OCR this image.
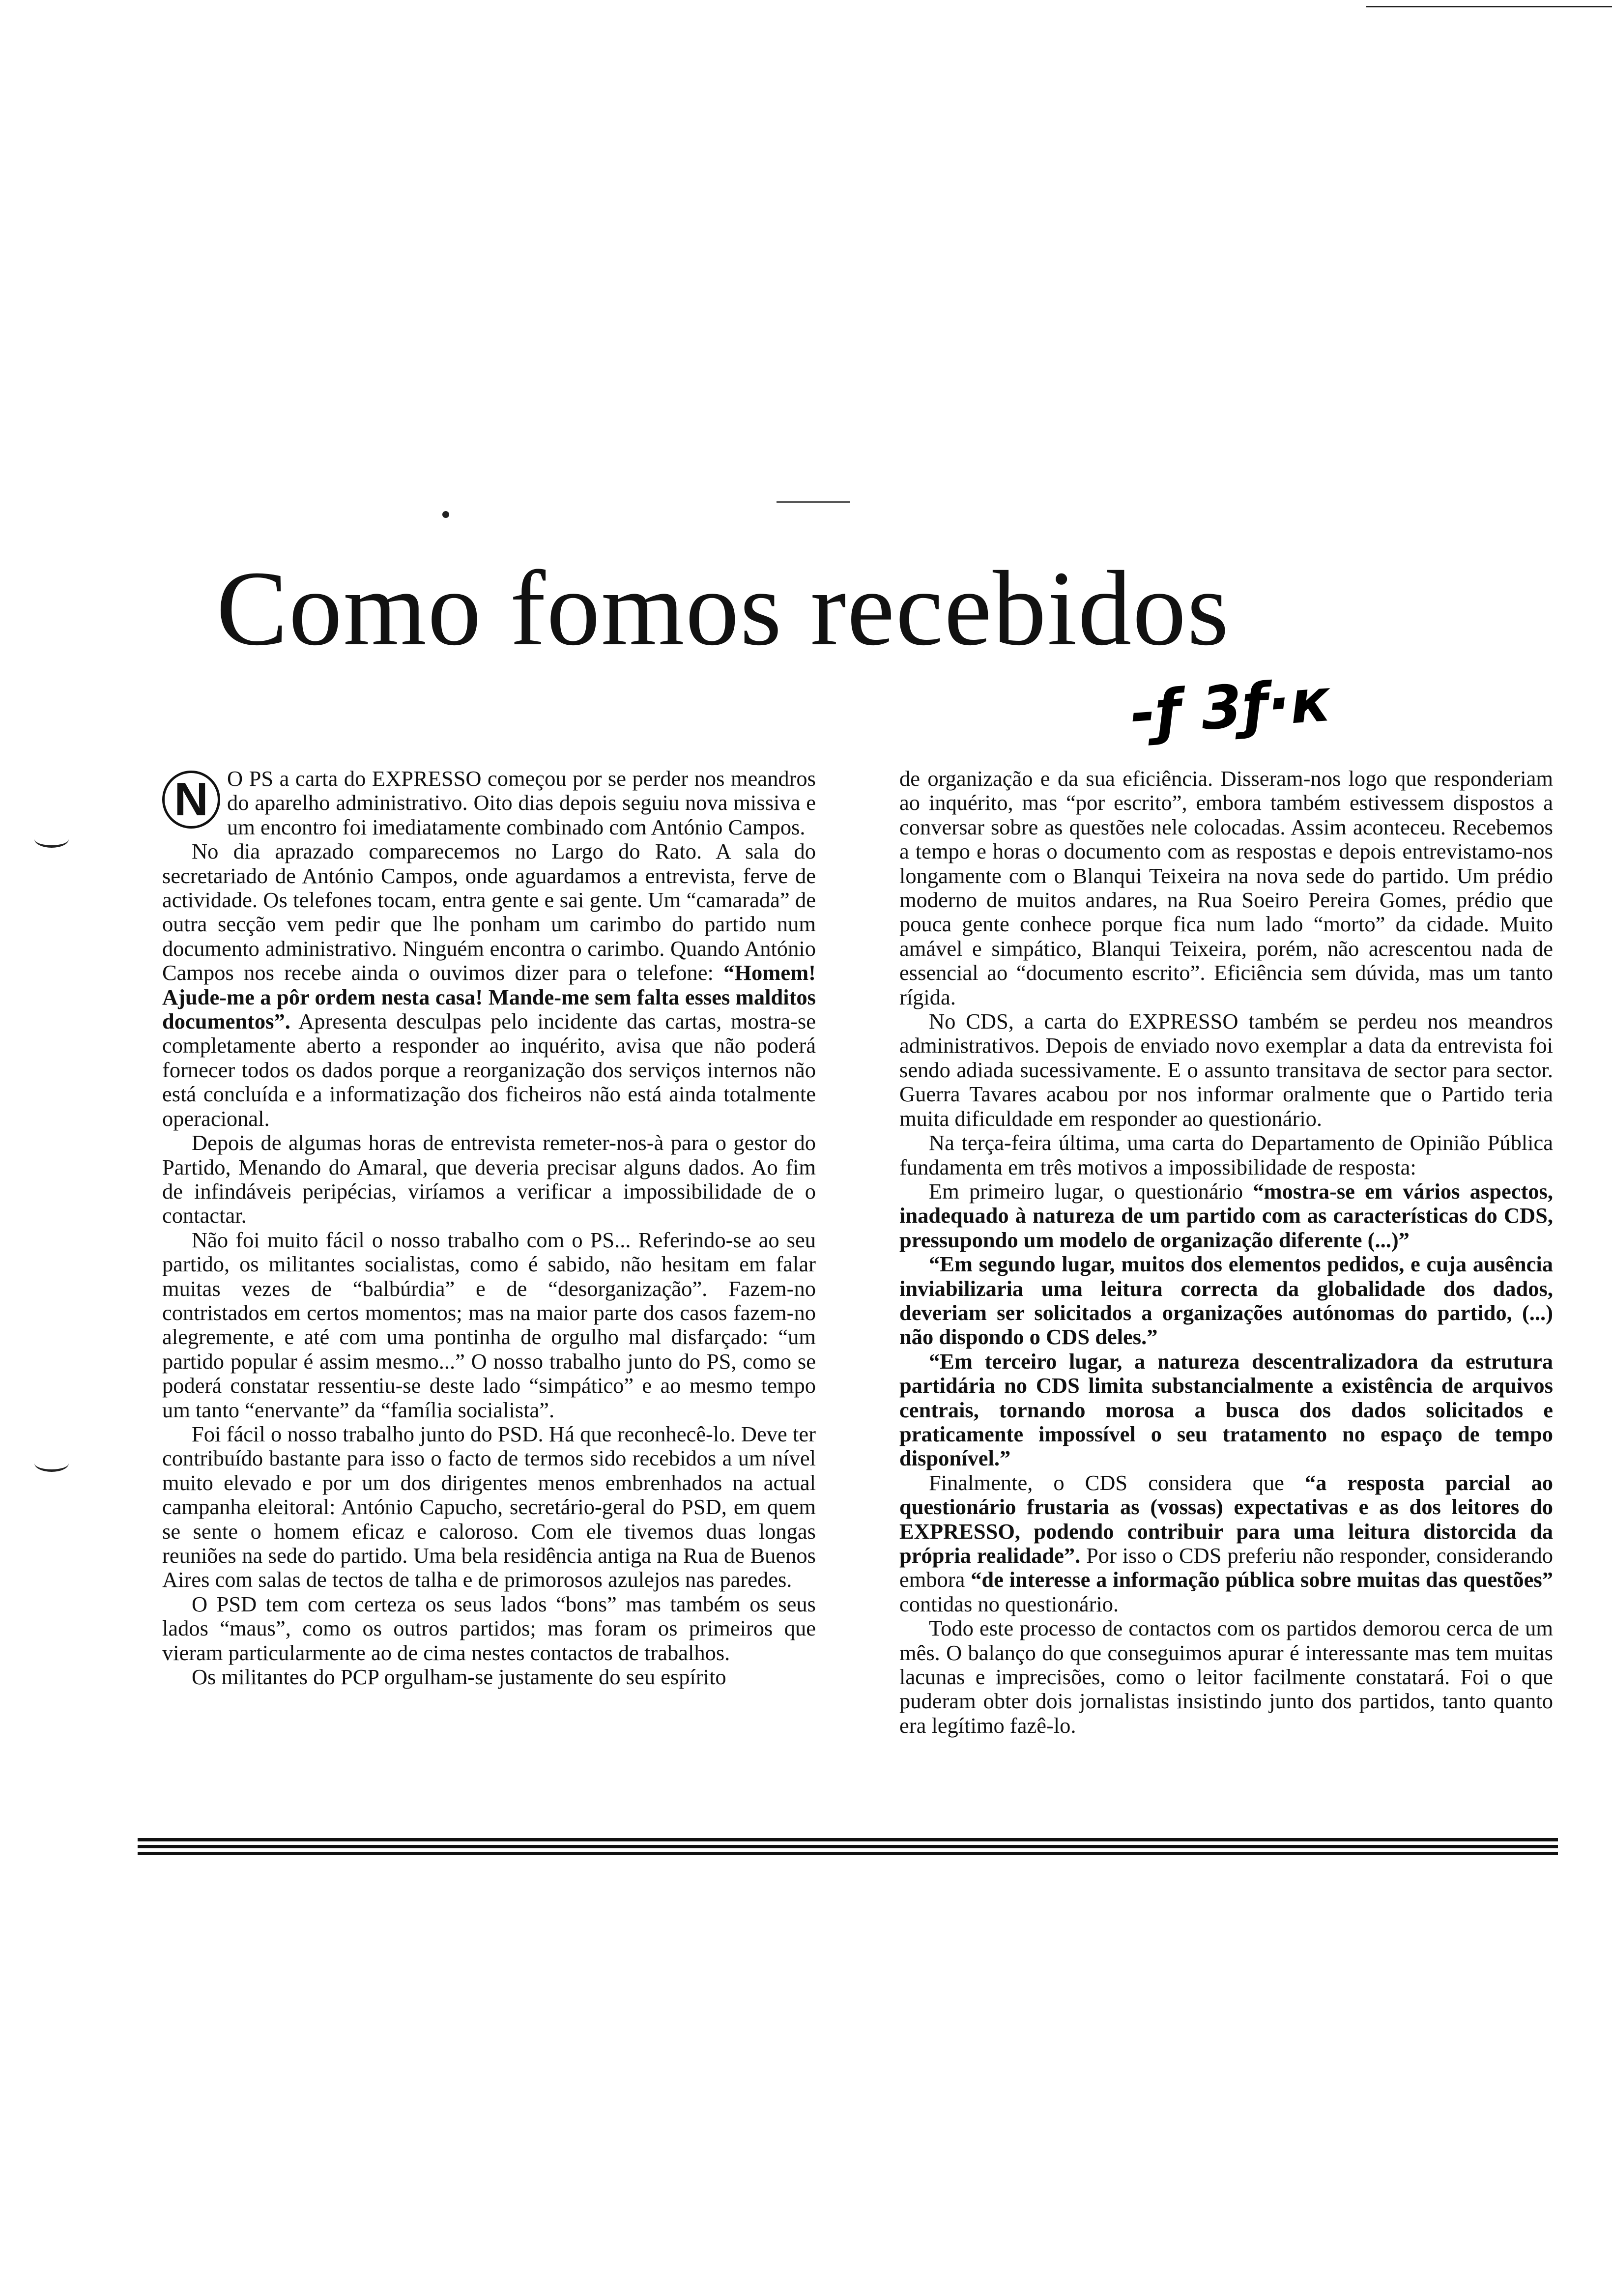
Como fomos recebidos
-ƒ 3ƒ·к

N O PS a carta do EXPRESSO começou por se perder nos meandros do aparelho administrativo. Oito dias depois seguiu nova missiva e um encontro foi imediatamente combinado com António Campos.

No dia aprazado comparecemos no Largo do Rato. A sala do secretariado de António Campos, onde aguardamos a entrevista, ferve de actividade. Os telefones tocam, entra gente e sai gente. Um “camarada” de outra secção vem pedir que lhe ponham um carimbo do partido num documento administrativo. Ninguém encontra o carimbo. Quando António Campos nos recebe ainda o ouvimos dizer para o telefone: “Homem! Ajude-me a pôr ordem nesta casa! Mande-me sem falta esses malditos documentos”. Apresenta desculpas pelo incidente das cartas, mostra-se completamente aberto a responder ao inquérito, avisa que não poderá fornecer todos os dados porque a reorganização dos serviços internos não está concluída e a informatização dos ficheiros não está ainda totalmente operacional.

Depois de algumas horas de entrevista remeter-nos-à para o gestor do Partido, Menando do Amaral, que deveria precisar alguns dados. Ao fim de infindáveis peripécias, viríamos a verificar a impossibilidade de o contactar.

Não foi muito fácil o nosso trabalho com o PS... Referindo-se ao seu partido, os militantes socialistas, como é sabido, não hesitam em falar muitas vezes de “balbúrdia” e de “desorganização”. Fazem-no contristados em certos momentos; mas na maior parte dos casos fazem-no alegremente, e até com uma pontinha de orgulho mal disfarçado: “um partido popular é assim mesmo...” O nosso trabalho junto do PS, como se poderá constatar ressentiu-se deste lado “simpático” e ao mesmo tempo um tanto “enervante” da “família socialista”.

Foi fácil o nosso trabalho junto do PSD. Há que reconhecê-lo. Deve ter contribuído bastante para isso o facto de termos sido recebidos a um nível muito elevado e por um dos dirigentes menos embrenhados na actual campanha eleitoral: António Capucho, secretário-geral do PSD, em quem se sente o homem eficaz e caloroso. Com ele tivemos duas longas reuniões na sede do partido. Uma bela residência antiga na Rua de Buenos Aires com salas de tectos de talha e de primorosos azulejos nas paredes.

O PSD tem com certeza os seus lados “bons” mas também os seus lados “maus”, como os outros partidos; mas foram os primeiros que vieram particularmente ao de cima nestes contactos de trabalhos.

Os militantes do PCP orgulham-se justamente do seu espírito

de organização e da sua eficiência. Disseram-nos logo que responderiam ao inquérito, mas “por escrito”, embora também estivessem dispostos a conversar sobre as questões nele colocadas. Assim aconteceu. Recebemos a tempo e horas o documento com as respostas e depois entrevistamo-nos longamente com o Blanqui Teixeira na nova sede do partido. Um prédio moderno de muitos andares, na Rua Soeiro Pereira Gomes, prédio que pouca gente conhece porque fica num lado “morto” da cidade. Muito amável e simpático, Blanqui Teixeira, porém, não acrescentou nada de essencial ao “documento escrito”. Eficiência sem dúvida, mas um tanto rígida.

No CDS, a carta do EXPRESSO também se perdeu nos meandros administrativos. Depois de enviado novo exemplar a data da entrevista foi sendo adiada sucessivamente. E o assunto transitava de sector para sector. Guerra Tavares acabou por nos informar oralmente que o Partido teria muita dificuldade em responder ao questionário.

Na terça-feira última, uma carta do Departamento de Opinião Pública fundamenta em três motivos a impossibilidade de resposta:

Em primeiro lugar, o questionário “mostra-se em vários aspectos, inadequado à natureza de um partido com as características do CDS, pressupondo um modelo de organização diferente (...)”

“Em segundo lugar, muitos dos elementos pedidos, e cuja ausência inviabilizaria uma leitura correcta da globalidade dos dados, deveriam ser solicitados a organizações autónomas do partido, (...) não dispondo o CDS deles.”

“Em terceiro lugar, a natureza descentralizadora da estrutura partidária no CDS limita substancialmente a existência de arquivos centrais, tornando morosa a busca dos dados solicitados e praticamente impossível o seu tratamento no espaço de tempo disponível.”

Finalmente, o CDS considera que “a resposta parcial ao questionário frustaria as (vossas) expectativas e as dos leitores do EXPRESSO, podendo contribuir para uma leitura distorcida da própria realidade”. Por isso o CDS preferiu não responder, considerando embora “de interesse a informação pública sobre muitas das questões” contidas no questionário.

Todo este processo de contactos com os partidos demorou cerca de um mês. O balanço do que conseguimos apurar é interessante mas tem muitas lacunas e imprecisões, como o leitor facilmente constatará. Foi o que puderam obter dois jornalistas insistindo junto dos partidos, tanto quanto era legítimo fazê-lo.
